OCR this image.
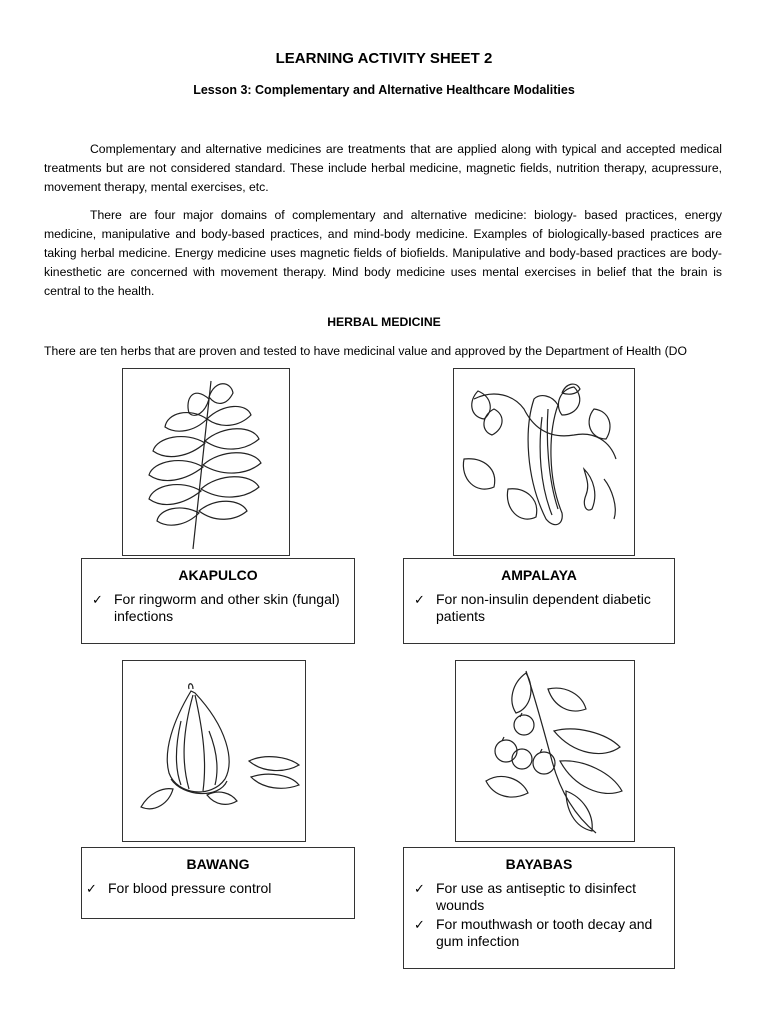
LEARNING ACTIVITY SHEET 2
Lesson 3: Complementary and Alternative Healthcare Modalities

Complementary and alternative medicines are treatments that are applied along with typical and accepted medical treatments but are not considered standard. These include herbal medicine, magnetic fields, nutrition therapy, acupressure, movement therapy, mental exercises, etc.

There are four major domains of complementary and alternative medicine: biology- based practices, energy medicine, manipulative and body-based practices, and mind-body medicine. Examples of biologically-based practices are taking herbal medicine. Energy medicine uses magnetic fields of biofields. Manipulative and body-based practices are body- kinesthetic are concerned with movement therapy. Mind body medicine uses mental exercises in belief that the brain is central to the health.

HERBAL MEDICINE

There are ten herbs that are proven and tested to have medicinal value and approved by the Department of Health (DO

AKAPULCO
✓ For ringworm and other skin (fungal) infections
AMPALAYA
✓ For non-insulin dependent diabetic patients
BAWANG
✓ For blood pressure control
BAYABAS
✓ For use as antiseptic to disinfect wounds
✓ For mouthwash or tooth decay and gum infection
